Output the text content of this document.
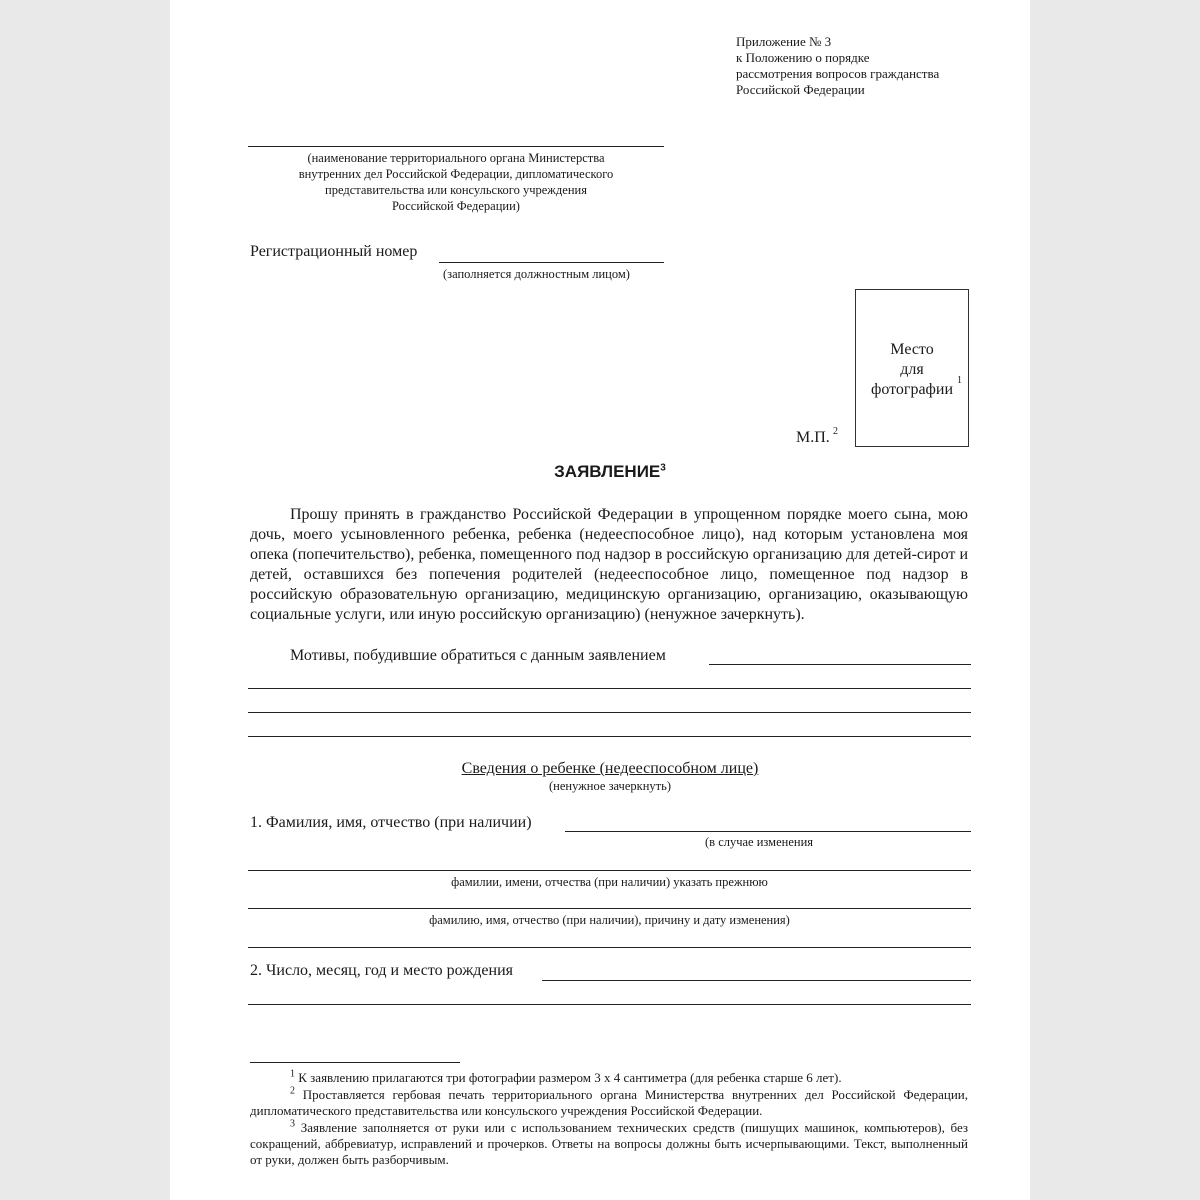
Приложение № 3
к Положению о порядке
рассмотрения вопросов гражданства
Российской Федерации
(наименование территориального органа Министерства
внутренних дел Российской Федерации, дипломатического
представительства или консульского учреждения
Российской Федерации)
Регистрационный номер
(заполняется должностным лицом)
Место
для
фотографии
1
М.П. 2
ЗАЯВЛЕНИЕ$^3$
Прошу принять в гражданство Российской Федерации в упрощенном порядке моего сына, мою дочь, моего усыновленного ребенка, ребенка (недееспособное лицо), над которым установлена моя опека (попечительство), ребенка, помещенного под надзор в российскую организацию для детей-сирот и детей, оставшихся без попечения родителей (недееспособное лицо, помещенное под надзор в российскую образовательную организацию, медицинскую организацию, организацию, оказывающую социальные услуги, или иную российскую организацию) (ненужное зачеркнуть).
Мотивы, побудившие обратиться с данным заявлением
Сведения о ребенке (недееспособном лице)
(ненужное зачеркнуть)
1. Фамилия, имя, отчество (при наличии)
(в случае изменения
фамилии, имени, отчества (при наличии) указать прежнюю
фамилию, имя, отчество (при наличии), причину и дату изменения)
2. Число, месяц, год и место рождения
$^1$ К заявлению прилагаются три фотографии размером 3 х 4 сантиметра (для ребенка старше 6 лет).
$^2$ Проставляется гербовая печать территориального органа Министерства внутренних дел Российской Федерации, дипломатического представительства или консульского учреждения Российской Федерации.
$^3$ Заявление заполняется от руки или с использованием технических средств (пишущих машинок, компьютеров), без сокращений, аббревиатур, исправлений и прочерков. Ответы на вопросы должны быть исчерпывающими. Текст, выполненный от руки, должен быть разборчивым.
